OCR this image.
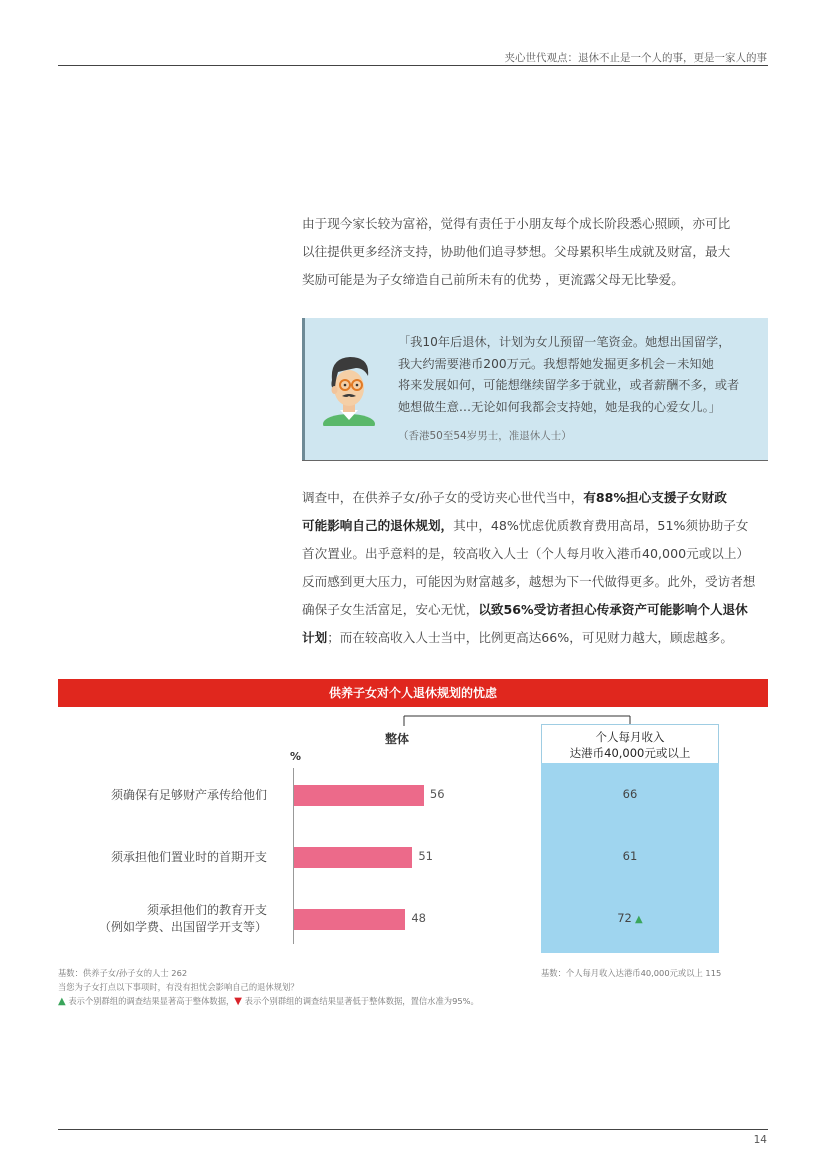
夹心世代观点：退休不止是一个人的事，更是一家人的事
由于现今家长较为富裕，觉得有责任于小朋友每个成长阶段悉心照顾，亦可比
以往提供更多经济支持，协助他们追寻梦想。父母累积毕生成就及财富，最大
奖励可能是为子女缔造自己前所未有的优势 ，更流露父母无比挚爱。
「我10年后退休，计划为女儿预留一笔资金。她想出国留学，
我大约需要港币200万元。我想帮她发掘更多机会－未知她
将来发展如何，可能想继续留学多于就业，或者薪酬不多，或者
她想做生意…无论如何我都会支持她，她是我的心爱女儿。」
（香港50至54岁男士，准退休人士）
调查中，在供养子女/孙子女的受访夹心世代当中，有88%担心支援子女财政
可能影响自己的退休规划，其中，48%忧虑优质教育费用高昂，51%须协助子女
首次置业。出乎意料的是，较高收入人士（个人每月收入港币40,000元或以上）
反而感到更大压力，可能因为财富越多，越想为下一代做得更多。此外，受访者想
确保子女生活富足，安心无忧，以致56%受访者担心传承资产可能影响个人退休
计划；而在较高收入人士当中，比例更高达66%，可见财力越大，顾虑越多。
供养子女对个人退休规划的忧虑
整体
%
个人每月收入
达港币40,000元或以上
须确保有足够财产承传给他们	56	66
须承担他们置业时的首期开支	51	61
须承担他们的教育开支
（例如学费、出国留学开支等）
48	72 ▲
基数：供养子女/孙子女的人士 262
当您为子女打点以下事项时，有没有担忧会影响自己的退休规划？
▲ 表示个别群组的调查结果显著高于整体数据，▼ 表示个别群组的调查结果显著低于整体数据，置信水准为95%。
基数：个人每月收入达港币40,000元或以上 115
14
